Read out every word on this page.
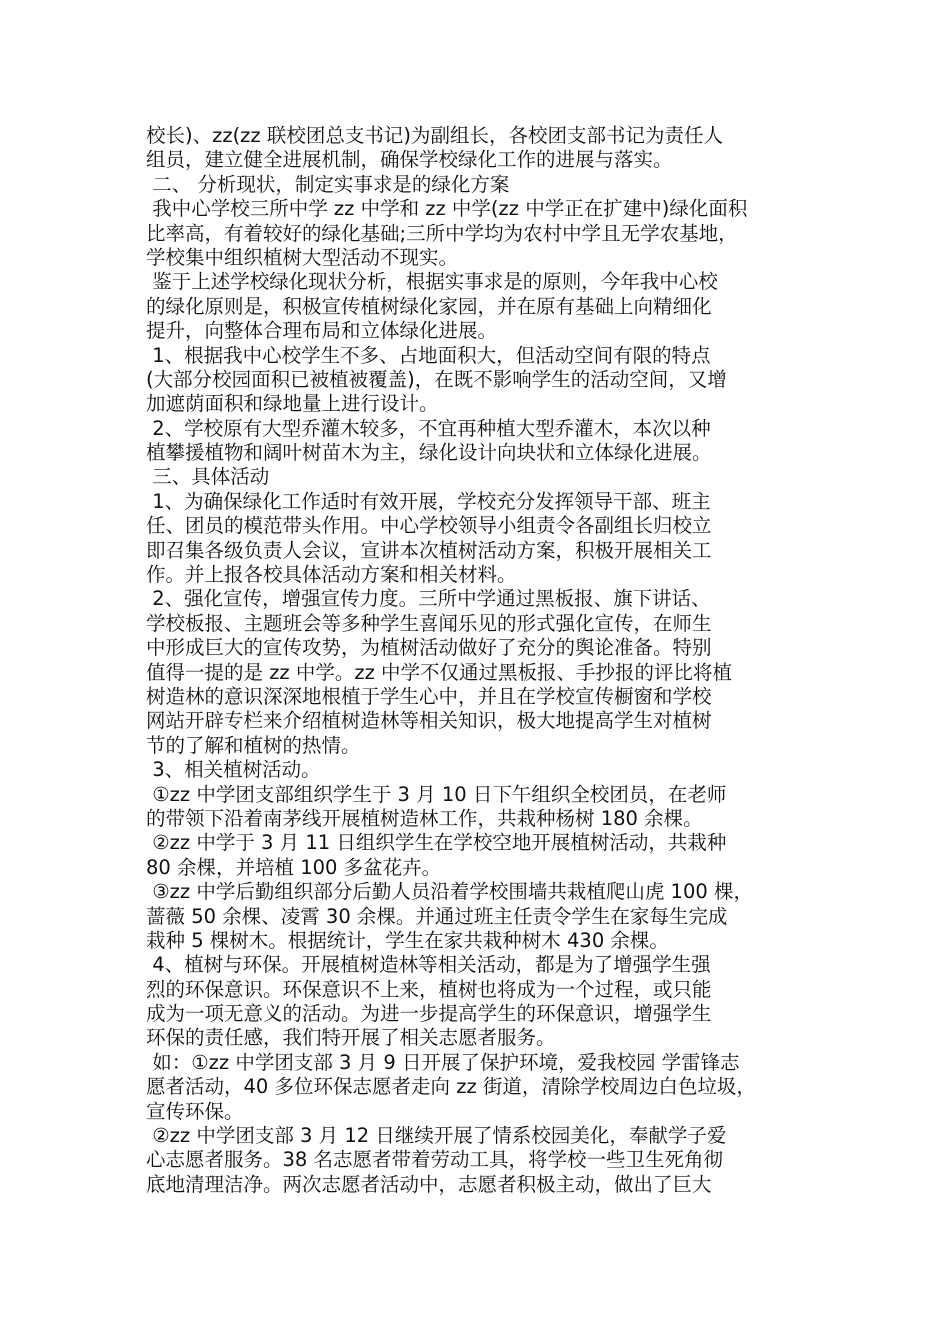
校长)、zz(zz 联校团总支书记)为副组长，各校团支部书记为责任人
组员，建立健全进展机制，确保学校绿化工作的进展与落实。
二、 分析现状，制定实事求是的绿化方案
我中心学校三所中学 zz 中学和 zz 中学(zz 中学正在扩建中)绿化面积
比率高，有着较好的绿化基础;三所中学均为农村中学且无学农基地，
学校集中组织植树大型活动不现实。
鉴于上述学校绿化现状分析，根据实事求是的原则，今年我中心校
的绿化原则是，积极宣传植树绿化家园，并在原有基础上向精细化
提升，向整体合理布局和立体绿化进展。
1、根据我中心校学生不多、占地面积大，但活动空间有限的特点
(大部分校园面积已被植被覆盖)，在既不影响学生的活动空间，又增
加遮荫面积和绿地量上进行设计。
2、学校原有大型乔灌木较多，不宜再种植大型乔灌木，本次以种
植攀援植物和阔叶树苗木为主，绿化设计向块状和立体绿化进展。
三、具体活动
1、为确保绿化工作适时有效开展，学校充分发挥领导干部、班主
任、团员的模范带头作用。中心学校领导小组责令各副组长归校立
即召集各级负责人会议，宣讲本次植树活动方案，积极开展相关工
作。并上报各校具体活动方案和相关材料。
2、强化宣传，增强宣传力度。三所中学通过黑板报、旗下讲话、
学校板报、主题班会等多种学生喜闻乐见的形式强化宣传，在师生
中形成巨大的宣传攻势，为植树活动做好了充分的舆论准备。特别
值得一提的是 zz 中学。zz 中学不仅通过黑板报、手抄报的评比将植
树造林的意识深深地根植于学生心中，并且在学校宣传橱窗和学校
网站开辟专栏来介绍植树造林等相关知识，极大地提高学生对植树
节的了解和植树的热情。
3、相关植树活动。
①zz 中学团支部组织学生于 3 月 10 日下午组织全校团员，在老师
的带领下沿着南茅线开展植树造林工作，共栽种杨树 180 余棵。
②zz 中学于 3 月 11 日组织学生在学校空地开展植树活动，共栽种
80 余棵，并培植 100 多盆花卉。
③zz 中学后勤组织部分后勤人员沿着学校围墙共栽植爬山虎 100 棵，
蔷薇 50 余棵、凌霄 30 余棵。并通过班主任责令学生在家每生完成
栽种 5 棵树木。根据统计，学生在家共栽种树木 430 余棵。
4、植树与环保。开展植树造林等相关活动，都是为了增强学生强
烈的环保意识。环保意识不上来，植树也将成为一个过程，或只能
成为一项无意义的活动。为进一步提高学生的环保意识，增强学生
环保的责任感，我们特开展了相关志愿者服务。
如：①zz 中学团支部 3 月 9 日开展了保护环境，爱我校园 学雷锋志
愿者活动，40 多位环保志愿者走向 zz 街道，清除学校周边白色垃圾，
宣传环保。
②zz 中学团支部 3 月 12 日继续开展了情系校园美化，奉献学子爱
心志愿者服务。38 名志愿者带着劳动工具，将学校一些卫生死角彻
底地清理洁净。两次志愿者活动中，志愿者积极主动，做出了巨大
